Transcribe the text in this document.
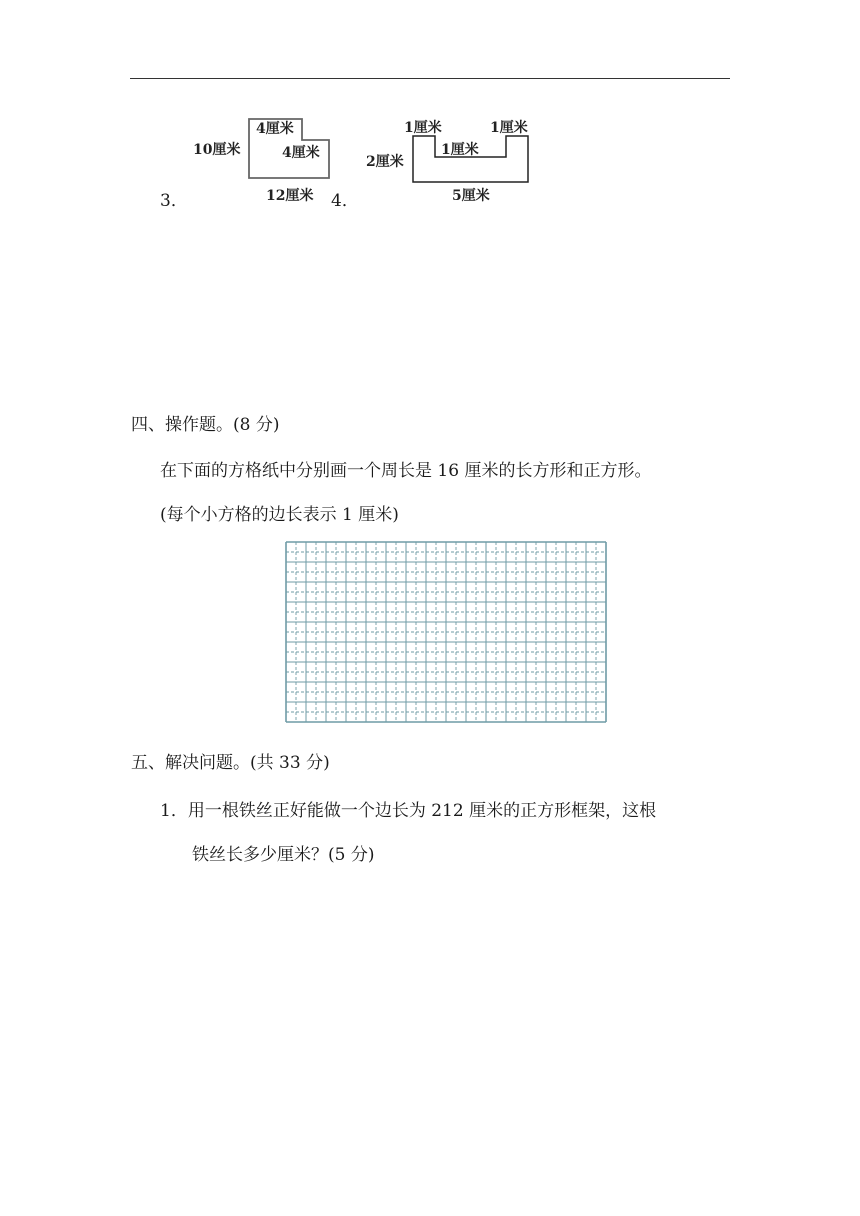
4厘米
10厘米	4厘米
12厘米
3．
1厘米	1厘米
2厘米
1厘米
5厘米
4．
四、操作题。(8 分)
在下面的方格纸中分别画一个周长是 16 厘米的长方形和正方形。
(每个小方格的边长表示 1 厘米)
五、解决问题。(共 33 分)
1．用一根铁丝正好能做一个边长为 212 厘米的正方形框架，这根
铁丝长多少厘米？(5 分)
